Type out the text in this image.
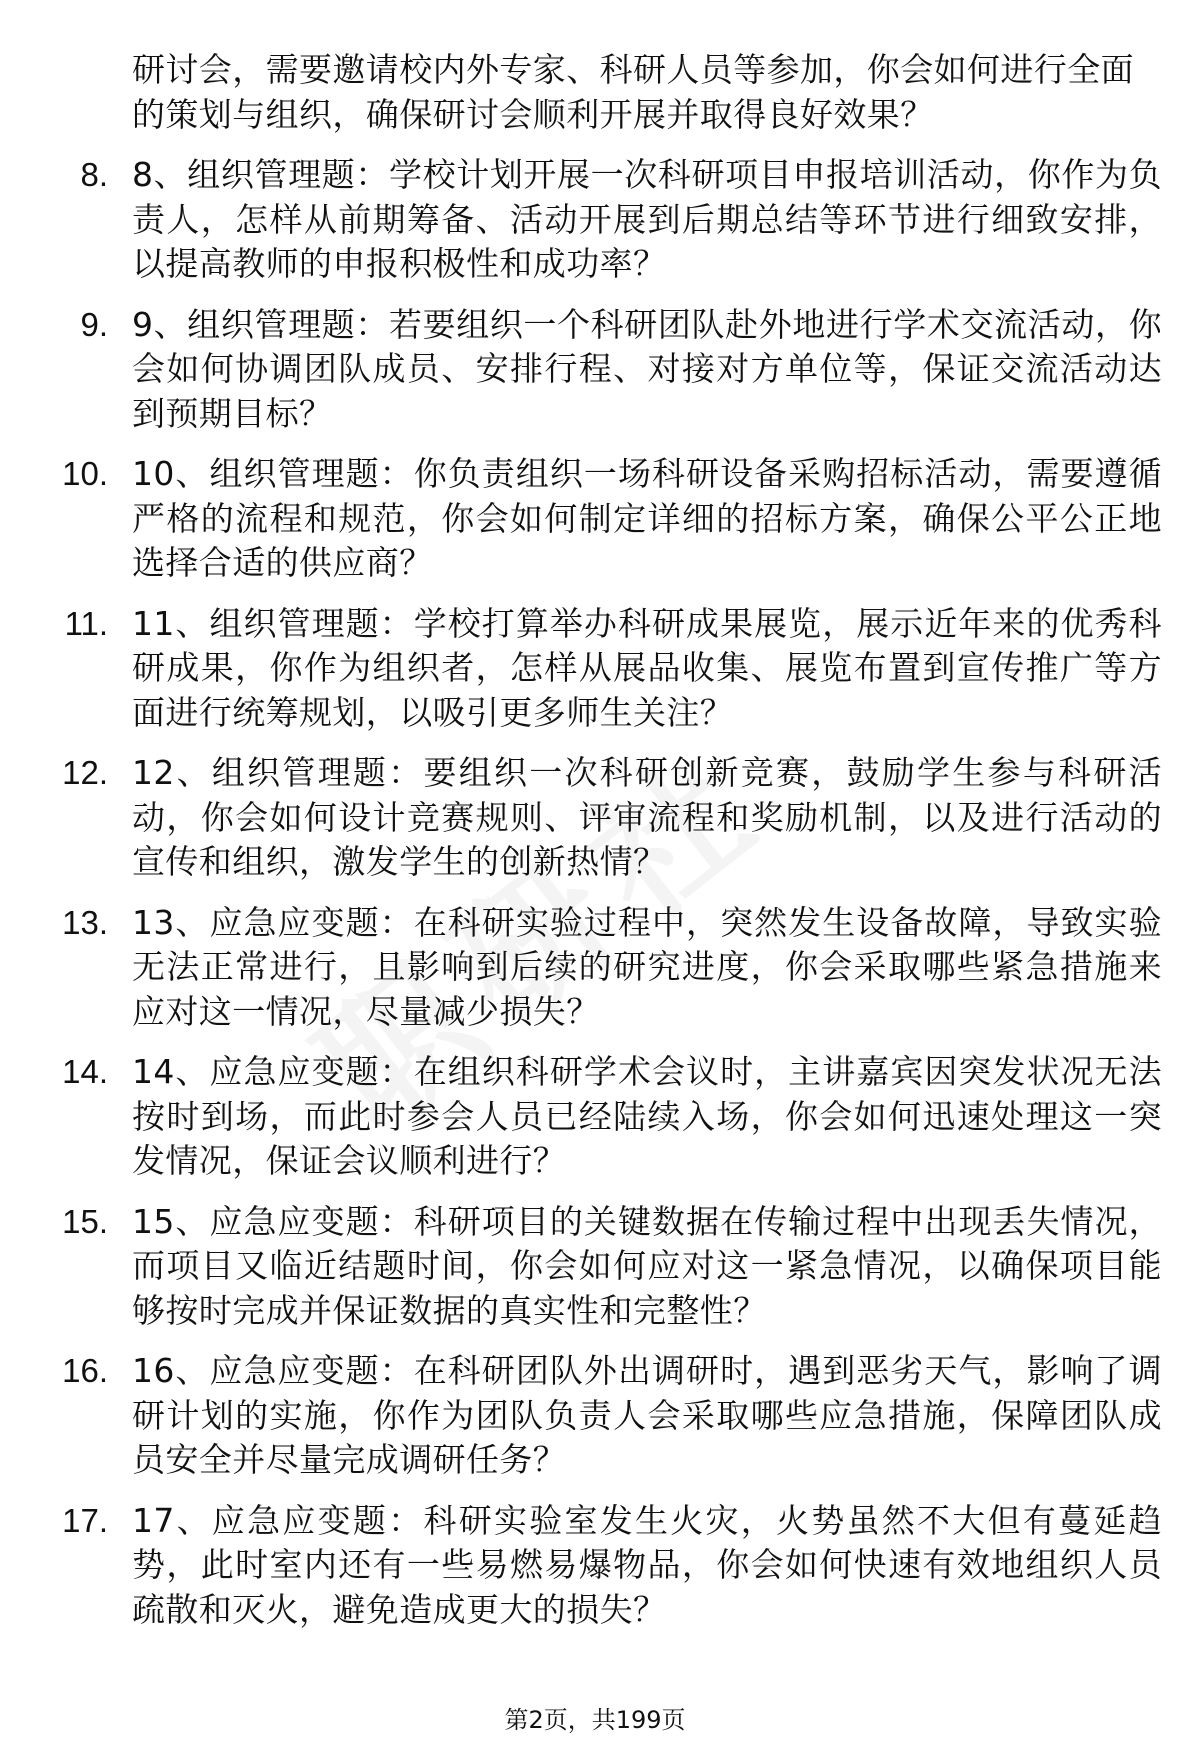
研讨会，需要邀请校内外专家、科研人员等参加，你会如何进行全面的策划与组织，确保研讨会顺利开展并取得良好效果？
8. 8、组织管理题：学校计划开展一次科研项目申报培训活动，你作为负责人，怎样从前期筹备、活动开展到后期总结等环节进行细致安排，以提高教师的申报积极性和成功率？
9. 9、组织管理题：若要组织一个科研团队赴外地进行学术交流活动，你会如何协调团队成员、安排行程、对接对方单位等，保证交流活动达到预期目标？
10. 10、组织管理题：你负责组织一场科研设备采购招标活动，需要遵循严格的流程和规范，你会如何制定详细的招标方案，确保公平公正地选择合适的供应商？
11. 11、组织管理题：学校打算举办科研成果展览，展示近年来的优秀科研成果，你作为组织者，怎样从展品收集、展览布置到宣传推广等方面进行统筹规划，以吸引更多师生关注？
12. 12、组织管理题：要组织一次科研创新竞赛，鼓励学生参与科研活动，你会如何设计竞赛规则、评审流程和奖励机制，以及进行活动的宣传和组织，激发学生的创新热情？
13. 13、应急应变题：在科研实验过程中，突然发生设备故障，导致实验无法正常进行，且影响到后续的研究进度，你会采取哪些紧急措施来应对这一情况，尽量减少损失？
14. 14、应急应变题：在组织科研学术会议时，主讲嘉宾因突发状况无法按时到场，而此时参会人员已经陆续入场，你会如何迅速处理这一突发情况，保证会议顺利进行？
15. 15、应急应变题：科研项目的关键数据在传输过程中出现丢失情况，而项目又临近结题时间，你会如何应对这一紧急情况，以确保项目能够按时完成并保证数据的真实性和完整性？
16. 16、应急应变题：在科研团队外出调研时，遇到恶劣天气，影响了调研计划的实施，你作为团队负责人会采取哪些应急措施，保障团队成员安全并尽量完成调研任务？
17. 17、应急应变题：科研实验室发生火灾，火势虽然不大但有蔓延趋势，此时室内还有一些易燃易爆物品，你会如何快速有效地组织人员疏散和灭火，避免造成更大的损失？
第2页，共199页
